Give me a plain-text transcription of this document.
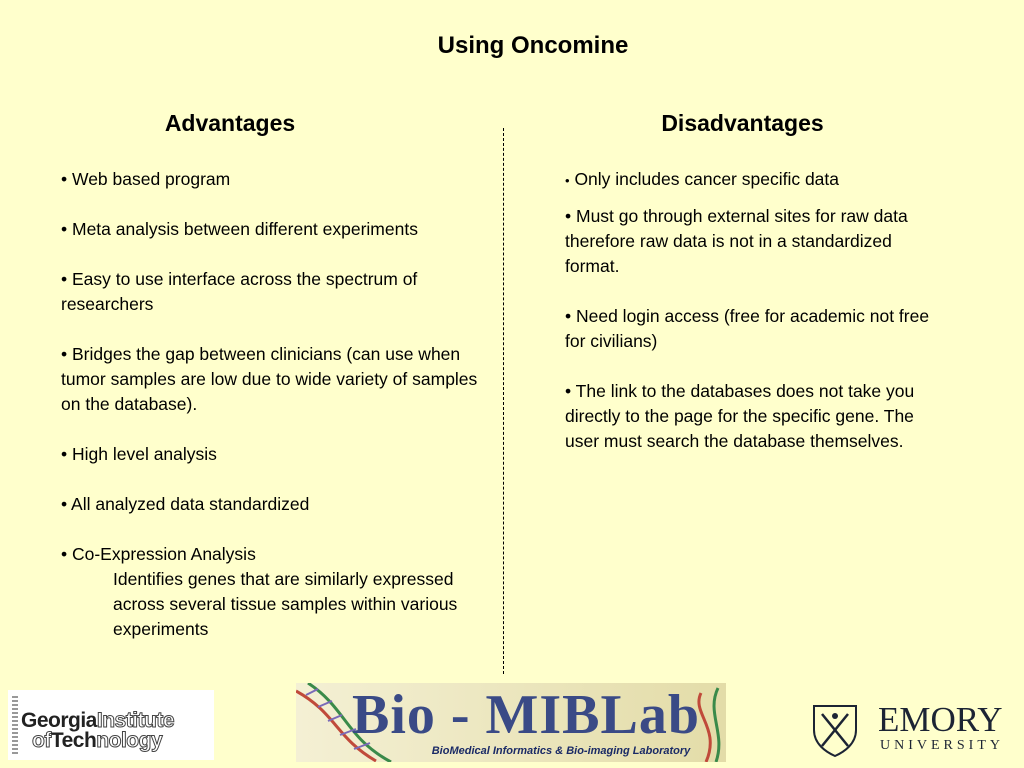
Using Oncomine
Advantages	Disadvantages
• Web based program
• Meta analysis between different experiments
• Easy to use interface across the spectrum of researchers
• Bridges the gap between clinicians (can use when tumor samples are low due to wide variety of samples on the database).
• High level analysis
• All analyzed data standardized
• Co-Expression Analysis
Identifies genes that are similarly expressed across several tissue samples within various experiments
• Only includes cancer specific data
• Must go through external sites for raw data therefore raw data is not in a standardized format.
• Need login access (free for academic not free for civilians)
• The link to the databases does not take you directly to the page for the specific gene. The user must search the database themselves.
GeorgiaInstitute
ofTechnology	Bio - MIBLab
BioMedical Informatics & Bio-imaging Laboratory
EMORY
UNIVERSITY
